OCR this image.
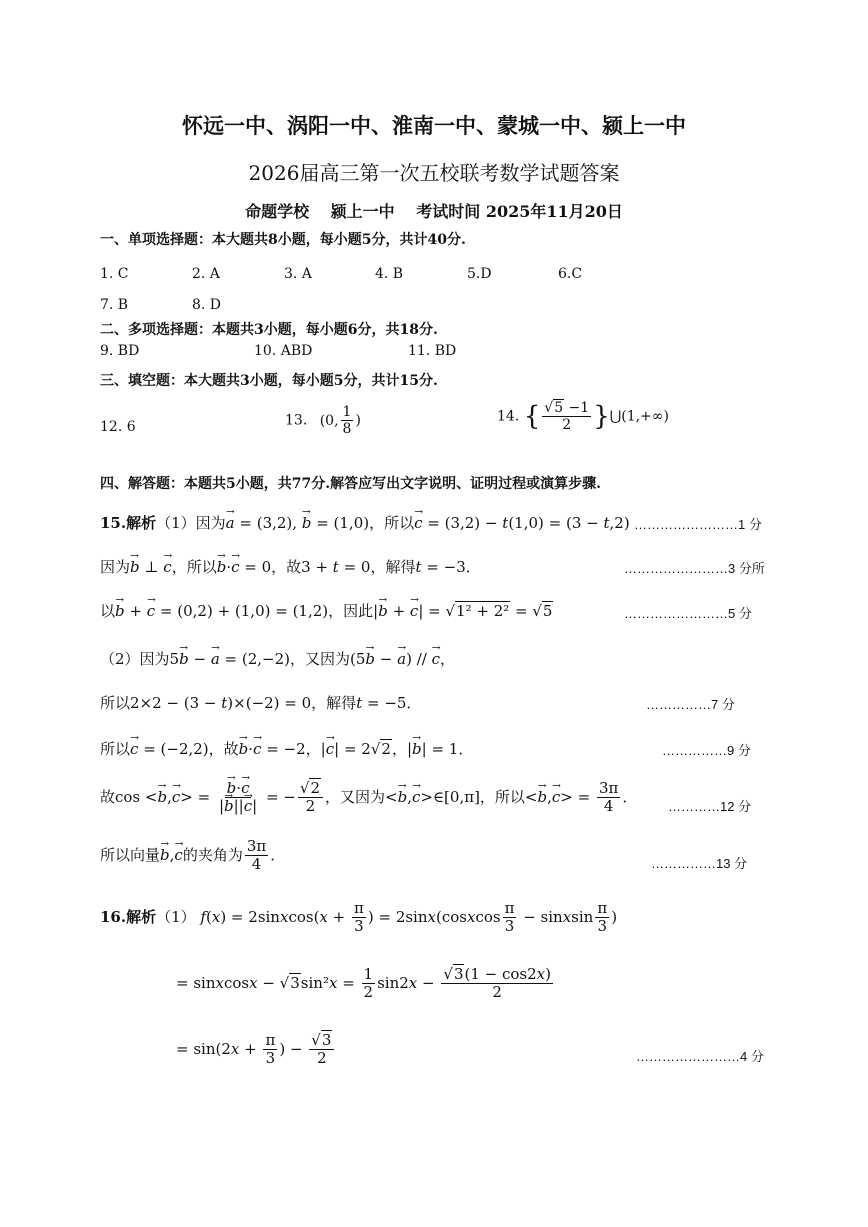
怀远一中、涡阳一中、淮南一中、蒙城一中、颍上一中
2026届高三第一次五校联考数学试题答案
命题学校　 颍上一中　 考试时间 2025年11月20日
一、单项选择题：本大题共8小题，每小题5分，共计40分.
1. C	2. A	3. A	4. B	5.D	6.C
7. B	8. D
二、多项选择题：本题共3小题，每小题6分，共18分.
9. BD	10. ABD	11. BD
三、填空题：本大题共3小题，每小题5分，共计15分.
12. 6	13. (0, $\frac{1}{8}$ )	14. { $\frac{√5 -1}{2}$ }⋃(1,+∞)
四、解答题：本题共5小题，共77分.解答应写出文字说明、证明过程或演算步骤.
15.解析（1）因为→ a = (3,2), → b = (1,0)，所以→ c = (3,2) − t(1,0) = (3 − t,2) ……………………1 分
因为→ b ⊥ → c，所以→ b·→ c = 0，故3 + t = 0，解得t = −3．	……………………3 分所
以→ b + → c = (0,2) + (1,0) = (1,2)，因此|→ b + → c| = √1² + 2² = √5	……………………5 分
（2）因为5→ b − → a = (2,−2)，又因为(5→ b − → a) // → c，
所以2×2 − (3 − t)×(−2) = 0，解得t = −5．	……………7 分
所以→ c = (−2,2)，故→ b·→ c = −2，|→ c| = 2√2，|→ b| = 1．	……………9 分
故cos <→ b,→ c> =
→ $\frac{b\cdot\to c}{|\to b||\to c|}$ = − $\frac{√2}{2}$ ，又因为<→ b,→ c>∈[0,π]，所以<→ $b,\to c> = \frac{3\pi}{4}$ ．
…………12 分
所以向量→ b,→ c的夹角为 $\frac{3\pi}{4}$ ．	……………13 分
16.解析（1） f(x) = 2sinxcos(x + $\frac{\pi}{3}$ ) = 2sinx(cosxcos $\frac{\pi}{3}$ − sinxsin $\frac{\pi}{3}$ )
= sinxcosx − $√3\sin^2x = \frac{1}{2} \sin 2x - \frac{√3(1 - \cos 2x)}{2}$
= $\sin(2x + \frac{\pi}{3}$ ) − $\frac{√3}{2}$	……………………4 分
